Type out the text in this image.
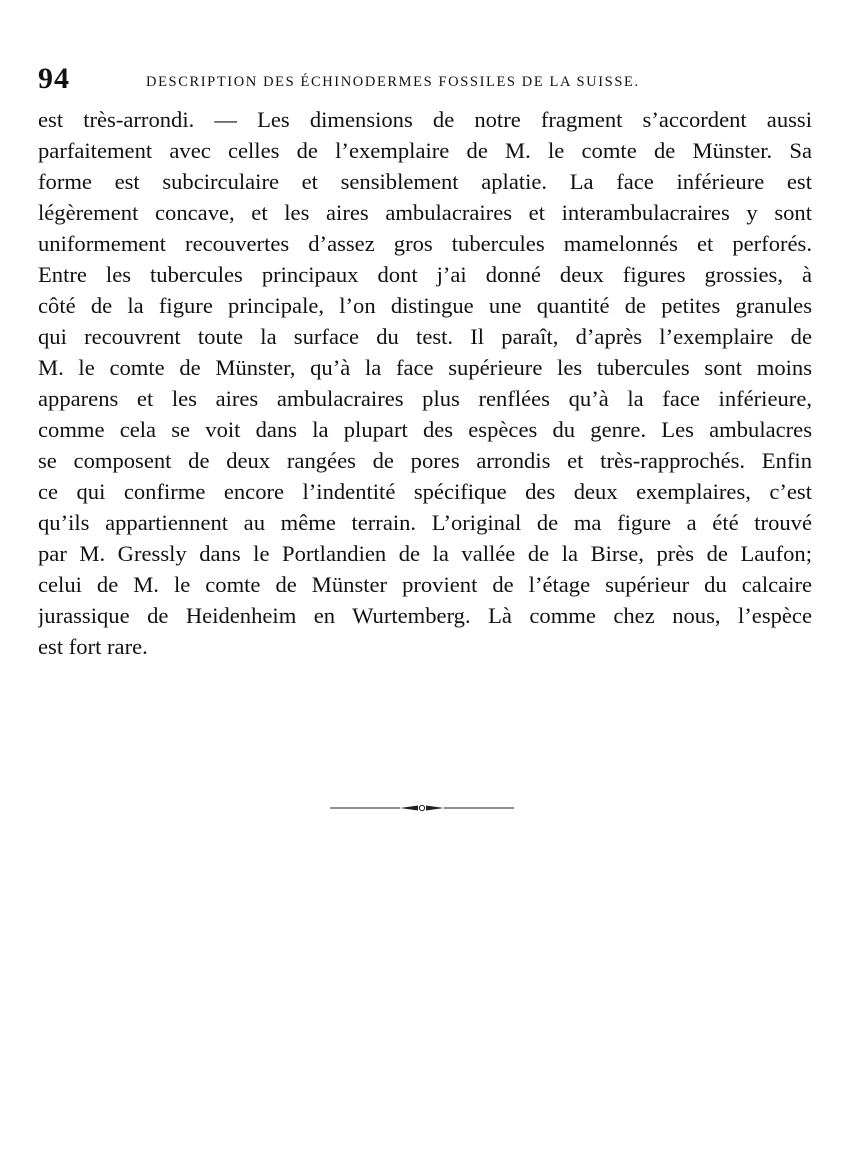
94	DESCRIPTION DES ÉCHINODERMES FOSSILES DE LA SUISSE.
est très-arrondi. — Les dimensions de notre fragment s’accordent aussi
parfaitement avec celles de l’exemplaire de M. le comte de Münster. Sa
forme est subcirculaire et sensiblement aplatie. La face inférieure est
légèrement concave, et les aires ambulacraires et interambulacraires y sont
uniformement recouvertes d’assez gros tubercules mamelonnés et perforés.
Entre les tubercules principaux dont j’ai donné deux figures grossies, à
côté de la figure principale, l’on distingue une quantité de petites granules
qui recouvrent toute la surface du test. Il paraît, d’après l’exemplaire de
M. le comte de Münster, qu’à la face supérieure les tubercules sont moins
apparens et les aires ambulacraires plus renflées qu’à la face inférieure,
comme cela se voit dans la plupart des espèces du genre. Les ambulacres
se composent de deux rangées de pores arrondis et très-rapprochés. Enfin
ce qui confirme encore l’indentité spécifique des deux exemplaires, c’est
qu’ils appartiennent au même terrain. L’original de ma figure a été trouvé
par M. Gressly dans le Portlandien de la vallée de la Birse, près de Laufon;
celui de M. le comte de Münster provient de l’étage supérieur du calcaire
jurassique de Heidenheim en Wurtemberg. Là comme chez nous, l’espèce
est fort rare.
